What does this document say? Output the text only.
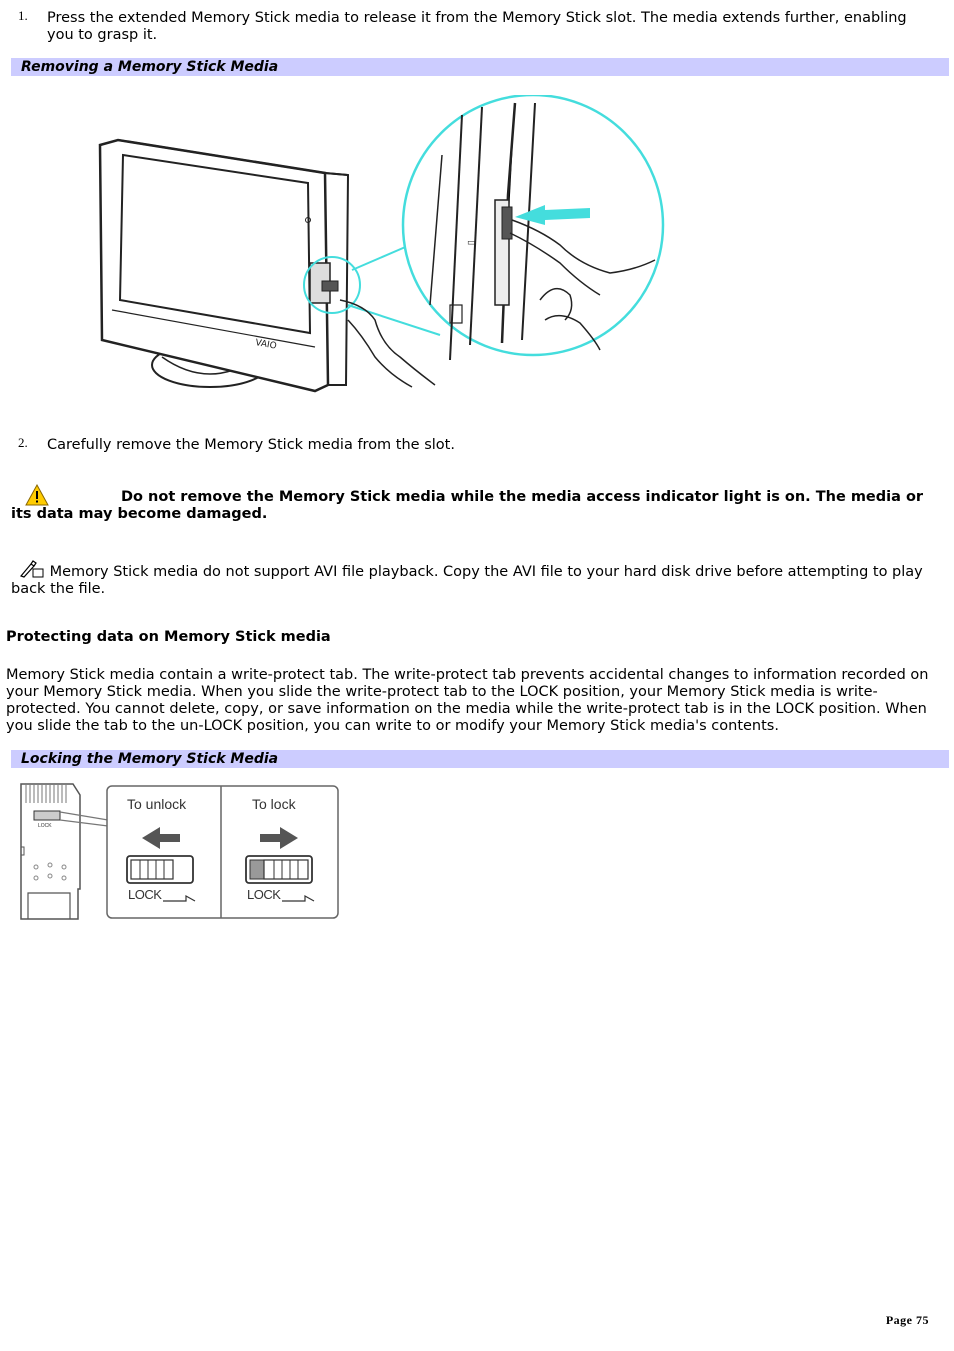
1. Press the extended Memory Stick media to release it from the Memory Stick slot. The media extends further, enabling you to grasp it.
Removing a Memory Stick Media
VAIO
▭
2. Carefully remove the Memory Stick media from the slot.
Do not remove the Memory Stick media while the media access indicator light is on. The media or its data may become damaged.
Memory Stick media do not support AVI file playback. Copy the AVI file to your hard disk drive before attempting to play back the file.
Protecting data on Memory Stick media
Memory Stick media contain a write-protect tab. The write-protect tab prevents accidental changes to information recorded on your Memory Stick media. When you slide the write-protect tab to the LOCK position, your Memory Stick media is write-protected. You cannot delete, copy, or save information on the media while the write-protect tab is in the LOCK position. When you slide the tab to the un-LOCK position, you can write to or modify your Memory Stick media's contents.
Locking the Memory Stick Media
To unlock	To lock
LOCK	LOCK
LOCK
Page 75
